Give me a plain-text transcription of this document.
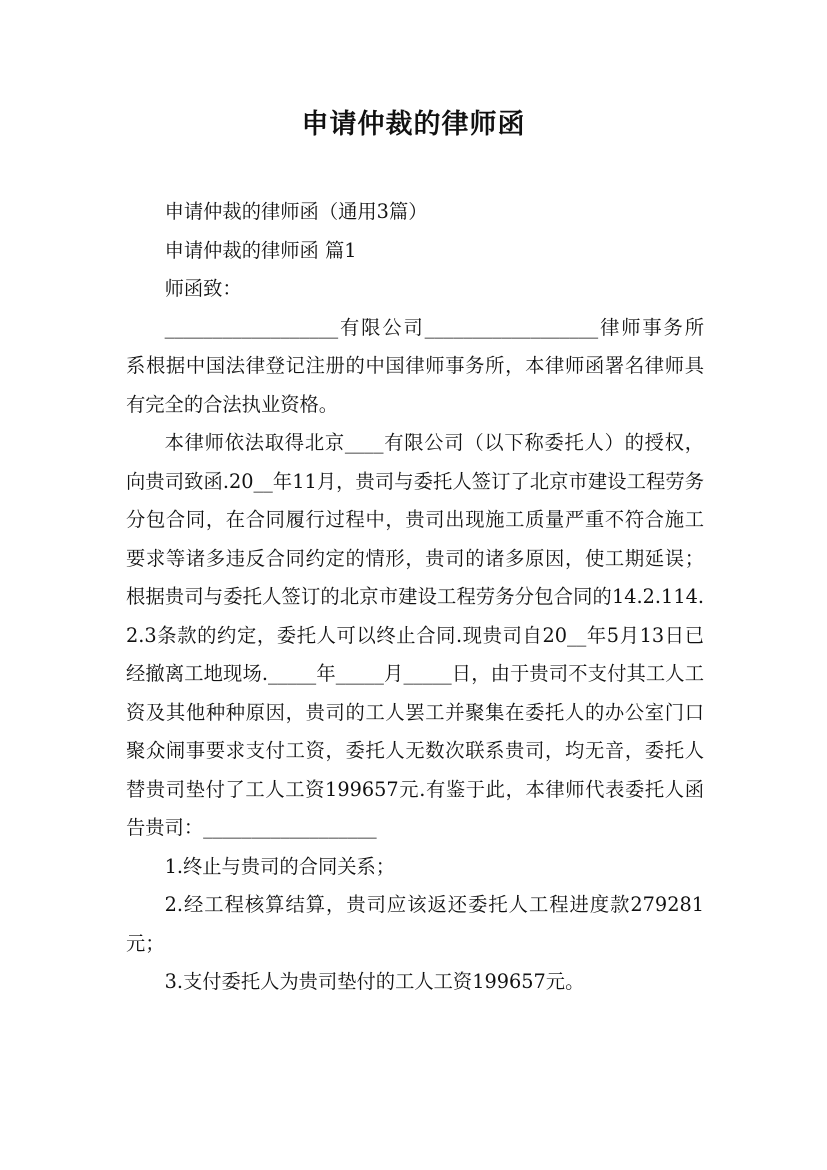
申请仲裁的律师函

申请仲裁的律师函（通用3篇）

申请仲裁的律师函 篇1

师函致：

__________________有限公司__________________律师事务所系根据中国法律登记注册的中国律师事务所，本律师函署名律师具有完全的合法执业资格。

本律师依法取得北京____有限公司（以下称委托人）的授权，向贵司致函.20__年11月，贵司与委托人签订了北京市建设工程劳务分包合同，在合同履行过程中，贵司出现施工质量严重不符合施工要求等诸多违反合同约定的情形，贵司的诸多原因，使工期延误；根据贵司与委托人签订的北京市建设工程劳务分包合同的14.2.114.2.3条款的约定，委托人可以终止合同.现贵司自20__年5月13日已经撤离工地现场._____年_____月_____日，由于贵司不支付其工人工资及其他种种原因，贵司的工人罢工并聚集在委托人的办公室门口聚众闹事要求支付工资，委托人无数次联系贵司，均无音，委托人替贵司垫付了工人工资199657元.有鉴于此，本律师代表委托人函告贵司：__________________

1.终止与贵司的合同关系；

2.经工程核算结算，贵司应该返还委托人工程进度款279281元；

3.支付委托人为贵司垫付的工人工资199657元。
